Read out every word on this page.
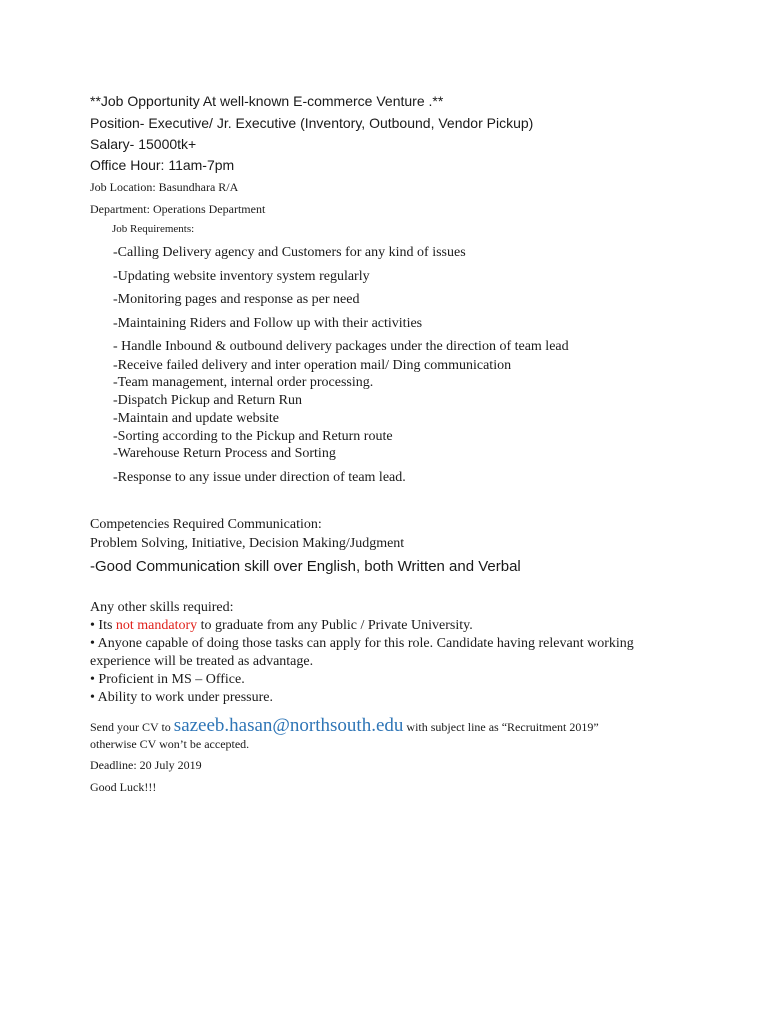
**Job Opportunity At well-known E-commerce Venture .**
Position- Executive/ Jr. Executive (Inventory, Outbound, Vendor Pickup)
Salary- 15000tk+
Office Hour: 11am-7pm
Job Location: Basundhara R/A
Department: Operations Department
Job Requirements:
-Calling Delivery agency and Customers for any kind of issues
-Updating website inventory system regularly
-Monitoring pages and response as per need
-Maintaining Riders and Follow up with their activities
- Handle Inbound & outbound delivery packages under the direction of team lead
-Receive failed delivery and inter operation mail/ Ding communication
-Team management, internal order processing.
-Dispatch Pickup and Return Run
-Maintain and update website
-Sorting according to the Pickup and Return route
-Warehouse Return Process and Sorting
-Response to any issue under direction of team lead.
Competencies Required Communication:
Problem Solving, Initiative, Decision Making/Judgment
-Good Communication skill over English, both Written and Verbal
Any other skills required:
• Its not mandatory to graduate from any Public / Private University.
• Anyone capable of doing those tasks can apply for this role. Candidate having relevant working
experience will be treated as advantage.
• Proficient in MS – Office.
• Ability to work under pressure.
Send your CV to sazeeb.hasan@northsouth.edu with subject line as “Recruitment 2019”
otherwise CV won’t be accepted.
Deadline: 20 July 2019
Good Luck!!!
